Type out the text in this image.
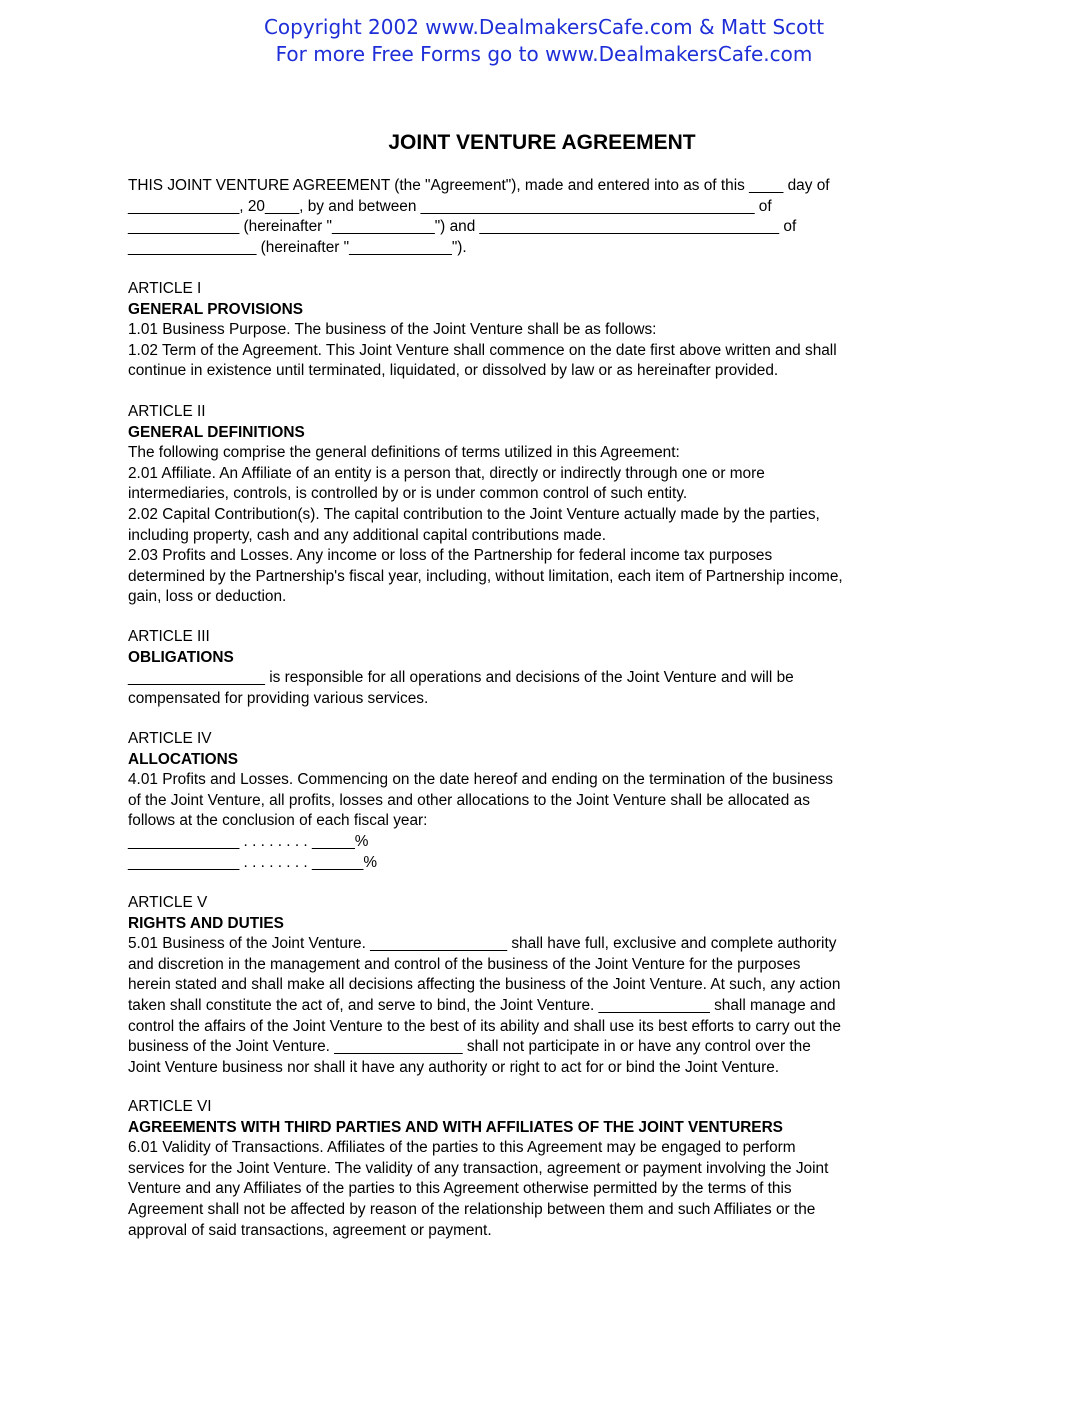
Copyright 2002 www.DealmakersCafe.com & Matt Scott
For more Free Forms go to www.DealmakersCafe.com
JOINT VENTURE AGREEMENT
THIS JOINT VENTURE AGREEMENT (the "Agreement"), made and entered into as of this ____ day of
_____________, 20____, by and between _______________________________________ of
_____________ (hereinafter "____________") and ___________________________________ of
_______________ (hereinafter "____________").
ARTICLE I
GENERAL PROVISIONS
1.01 Business Purpose. The business of the Joint Venture shall be as follows:
1.02 Term of the Agreement. This Joint Venture shall commence on the date first above written and shall
continue in existence until terminated, liquidated, or dissolved by law or as hereinafter provided.
ARTICLE II
GENERAL DEFINITIONS
The following comprise the general definitions of terms utilized in this Agreement:
2.01 Affiliate. An Affiliate of an entity is a person that, directly or indirectly through one or more
intermediaries, controls, is controlled by or is under common control of such entity.
2.02 Capital Contribution(s). The capital contribution to the Joint Venture actually made by the parties,
including property, cash and any additional capital contributions made.
2.03 Profits and Losses. Any income or loss of the Partnership for federal income tax purposes
determined by the Partnership's fiscal year, including, without limitation, each item of Partnership income,
gain, loss or deduction.
ARTICLE III
OBLIGATIONS
________________ is responsible for all operations and decisions of the Joint Venture and will be
compensated for providing various services.
ARTICLE IV
ALLOCATIONS
4.01 Profits and Losses. Commencing on the date hereof and ending on the termination of the business
of the Joint Venture, all profits, losses and other allocations to the Joint Venture shall be allocated as
follows at the conclusion of each fiscal year:
_____________ . . . . . . . . _____%
_____________ . . . . . . . . ______%
ARTICLE V
RIGHTS AND DUTIES
5.01 Business of the Joint Venture. ________________ shall have full, exclusive and complete authority
and discretion in the management and control of the business of the Joint Venture for the purposes
herein stated and shall make all decisions affecting the business of the Joint Venture. At such, any action
taken shall constitute the act of, and serve to bind, the Joint Venture. _____________ shall manage and
control the affairs of the Joint Venture to the best of its ability and shall use its best efforts to carry out the
business of the Joint Venture. _______________ shall not participate in or have any control over the
Joint Venture business nor shall it have any authority or right to act for or bind the Joint Venture.
ARTICLE VI
AGREEMENTS WITH THIRD PARTIES AND WITH AFFILIATES OF THE JOINT VENTURERS
6.01 Validity of Transactions. Affiliates of the parties to this Agreement may be engaged to perform
services for the Joint Venture. The validity of any transaction, agreement or payment involving the Joint
Venture and any Affiliates of the parties to this Agreement otherwise permitted by the terms of this
Agreement shall not be affected by reason of the relationship between them and such Affiliates or the
approval of said transactions, agreement or payment.
